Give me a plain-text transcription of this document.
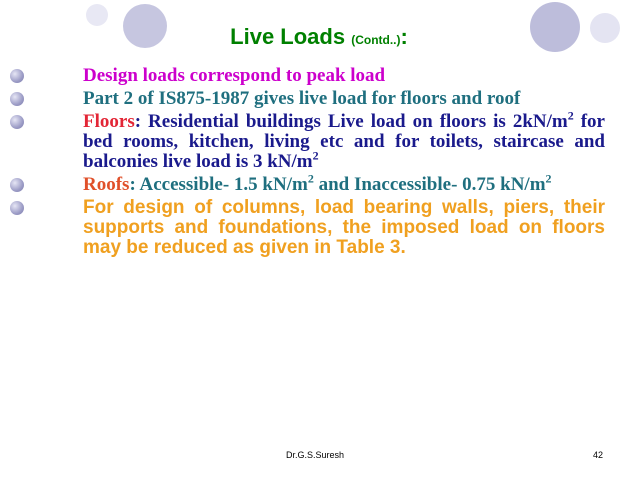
Live Loads (Contd..):
Design loads correspond to peak load
Part 2 of IS875-1987 gives live load for floors and roof
Floors: Residential buildings Live load on floors is $2kN/m^2$ for bed rooms, kitchen, living etc and for toilets, staircase and balconies live load is 3 $kN/m^2$
Roofs: Accessible- 1.5 $kN/m^2$ and Inaccessible- 0.75 $kN/m^2$
For design of columns, load bearing walls, piers, their supports and foundations, the imposed load on floors may be reduced as given in Table 3.
Dr.G.S.Suresh	42
